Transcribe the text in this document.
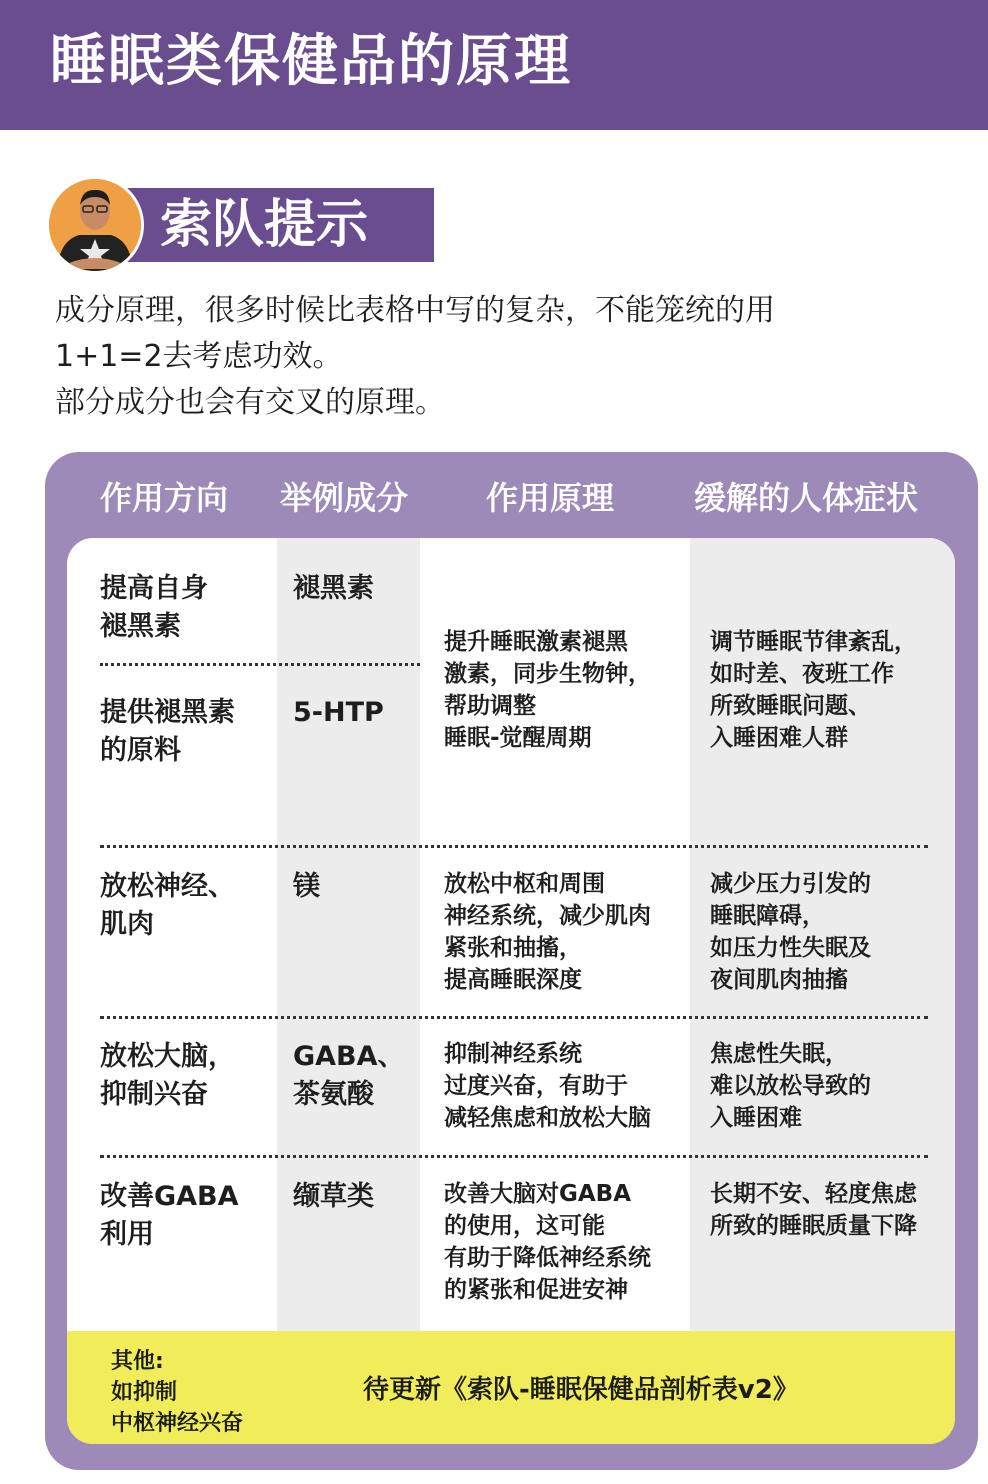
睡眠类保健品的原理
索队提示
成分原理，很多时候比表格中写的复杂，不能笼统的用
1+1=2去考虑功效。
部分成分也会有交叉的原理。
作用方向 举例成分 作用原理 缓解的人体症状
提高自身
褪黑素
褪黑素
提供褪黑素
的原料
5-HTP
提升睡眠激素褪黑
激素，同步生物钟，
帮助调整
睡眠-觉醒周期
调节睡眠节律紊乱，
如时差、夜班工作
所致睡眠问题、
入睡困难人群
放松神经、
肌肉
镁	放松中枢和周围
神经系统，减少肌肉
紧张和抽搐，
提高睡眠深度
减少压力引发的
睡眠障碍，
如压力性失眠及
夜间肌肉抽搐
放松大脑，
抑制兴奋
GABA、
茶氨酸
抑制神经系统
过度兴奋，有助于
减轻焦虑和放松大脑
焦虑性失眠，
难以放松导致的
入睡困难
改善GABA
利用
缬草类	改善大脑对GABA
的使用，这可能
有助于降低神经系统
的紧张和促进安神
长期不安、轻度焦虑
所致的睡眠质量下降
其他:
如抑制
中枢神经兴奋
待更新《索队-睡眠保健品剖析表v2》
